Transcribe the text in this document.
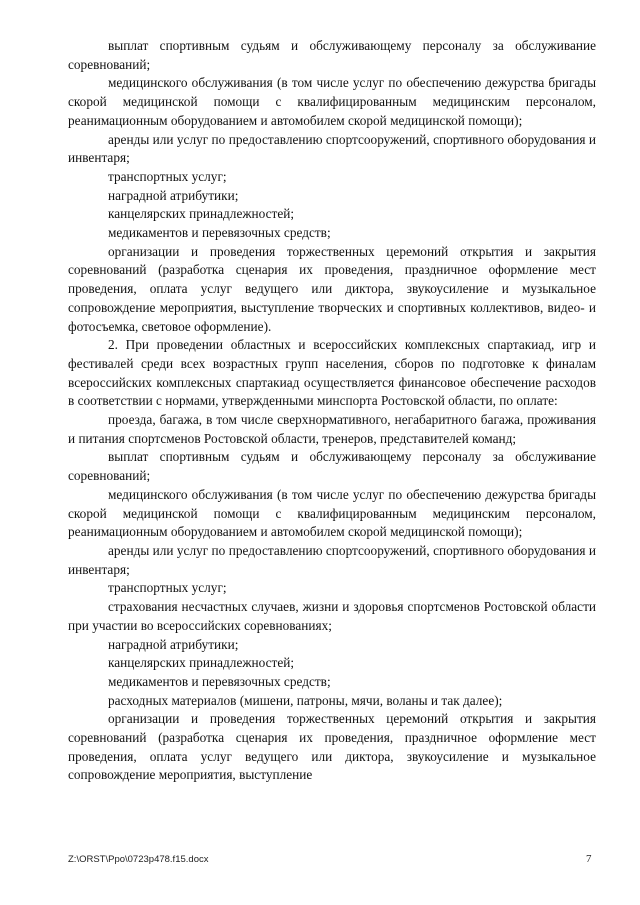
выплат спортивным судьям и обслуживающему персоналу за обслуживание соревнований;

медицинского обслуживания (в том числе услуг по обеспечению дежурства бригады скорой медицинской помощи с квалифицированным медицинским персоналом, реанимационным оборудованием и автомобилем скорой медицинской помощи);

аренды или услуг по предоставлению спортсооружений, спортивного оборудования и инвентаря;

транспортных услуг;

наградной атрибутики;

канцелярских принадлежностей;

медикаментов и перевязочных средств;

организации и проведения торжественных церемоний открытия и закрытия соревнований (разработка сценария их проведения, праздничное оформление мест проведения, оплата услуг ведущего или диктора, звукоусиление и музыкальное сопровождение мероприятия, выступление творческих и спортивных коллективов, видео- и фотосъемка, световое оформление).

2. При проведении областных и всероссийских комплексных спартакиад, игр и фестивалей среди всех возрастных групп населения, сборов по подготовке к финалам всероссийских комплексных спартакиад осуществляется финансовое обеспечение расходов в соответствии с нормами, утвержденными минспорта Ростовской области, по оплате:

проезда, багажа, в том числе сверхнормативного, негабаритного багажа, проживания и питания спортсменов Ростовской области, тренеров, представителей команд;

выплат спортивным судьям и обслуживающему персоналу за обслуживание соревнований;

медицинского обслуживания (в том числе услуг по обеспечению дежурства бригады скорой медицинской помощи с квалифицированным медицинским персоналом, реанимационным оборудованием и автомобилем скорой медицинской помощи);

аренды или услуг по предоставлению спортсооружений, спортивного оборудования и инвентаря;

транспортных услуг;

страхования несчастных случаев, жизни и здоровья спортсменов Ростовской области при участии во всероссийских соревнованиях;

наградной атрибутики;

канцелярских принадлежностей;

медикаментов и перевязочных средств;

расходных материалов (мишени, патроны, мячи, воланы и так далее);

организации и проведения торжественных церемоний открытия и закрытия соревнований (разработка сценария их проведения, праздничное оформление мест проведения, оплата услуг ведущего или диктора, звукоусиление и музыкальное сопровождение мероприятия, выступление

Z:\ORST\Ppo\0723p478.f15.docx	7
